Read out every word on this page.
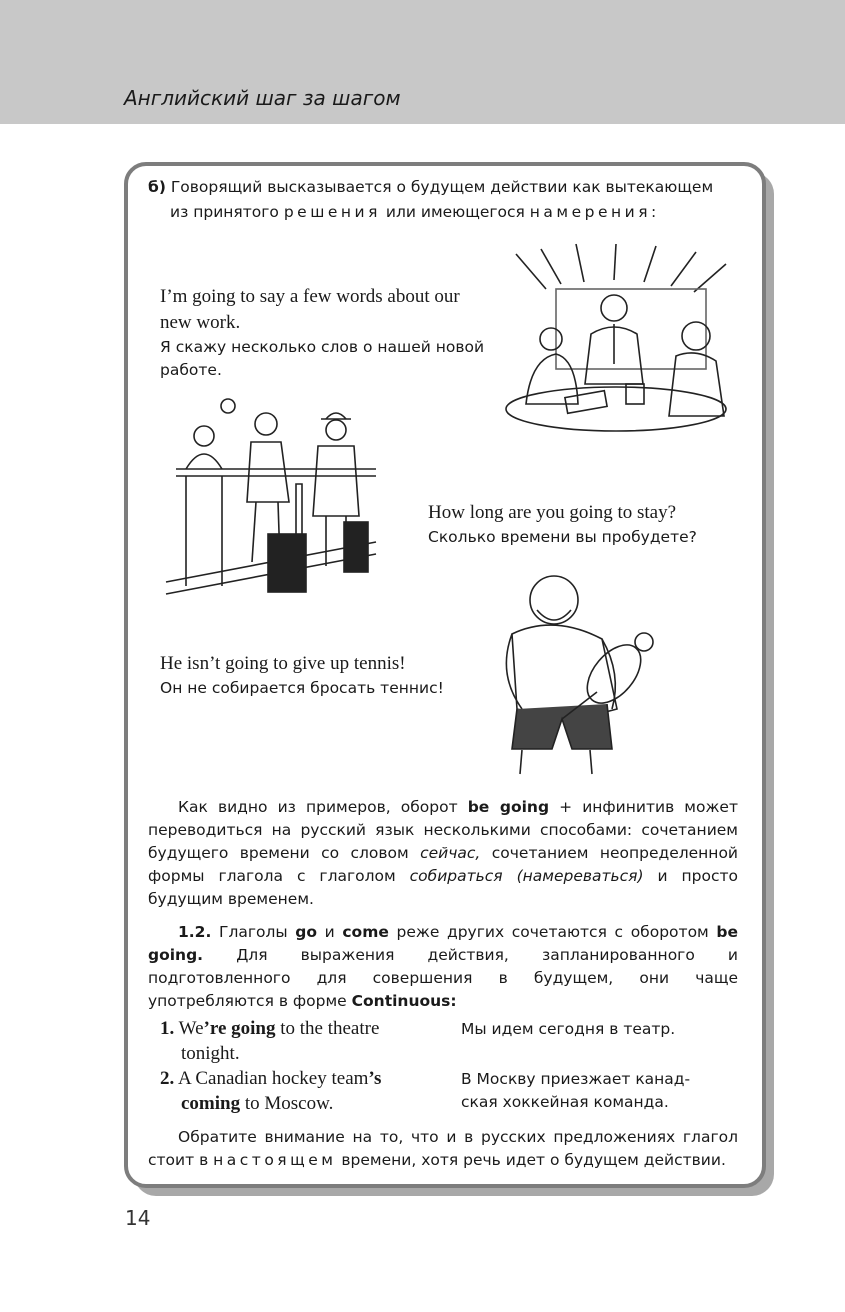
Английский шаг за шагом
б) Говорящий высказывается о будущем действии как вытекающем
из принятого решения или имеющегося намерения:
I’m going to say a few words about our
new work.
Я скажу несколько слов о нашей новой
работе.
How long are you going to stay?
Сколько времени вы пробудете?
He isn’t going to give up tennis!
Он не собирается бросать теннис!
Как видно из примеров, оборот be going + инфинитив может переводиться на русский язык несколькими способами: сочетанием будущего времени со словом сейчас, сочетанием неопределенной формы глагола с глаголом собираться (намереваться) и просто будущим временем.
1.2. Глаголы go и come реже других сочетаются с оборотом be going. Для выражения действия, запланированного и подготовленного для совершения в будущем, они чаще употребляются в форме Continuous:
1. We’re going to the theatre
tonight.
Мы идем сегодня в театр.
2. A Canadian hockey team’s
coming to Moscow.
В Москву приезжает канад-
ская хоккейная команда.
Обратите внимание на то, что и в русских предложениях глагол стоит в настоящем времени, хотя речь идет о будущем действии.
14
